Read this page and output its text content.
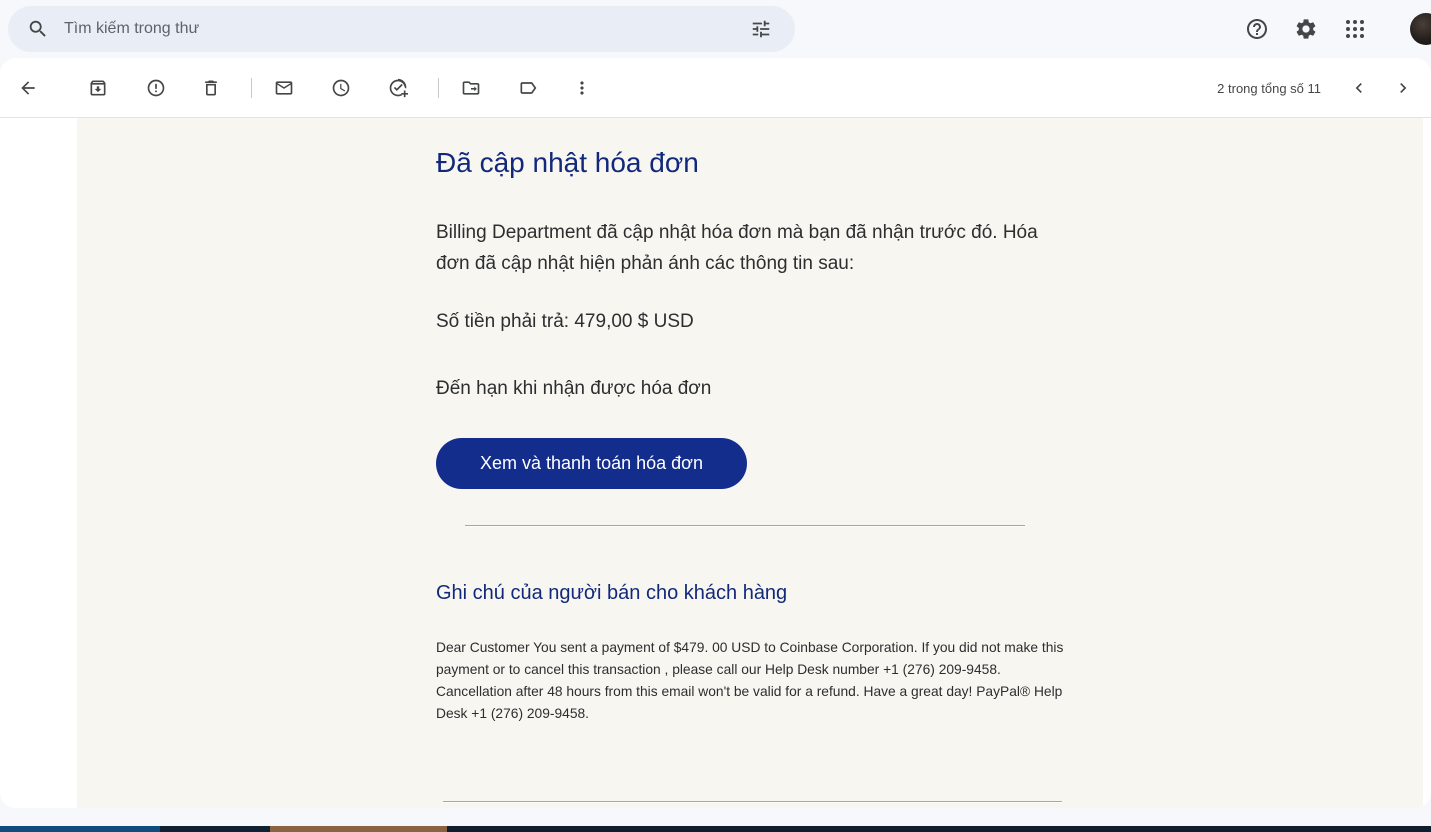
Tìm kiếm trong thư
2 trong tổng số 11
Đã cập nhật hóa đơn

Billing Department đã cập nhật hóa đơn mà bạn đã nhận trước đó. Hóa đơn đã cập nhật hiện phản ánh các thông tin sau:

Số tiền phải trả: 479,00 $ USD

Đến hạn khi nhận được hóa đơn

Xem và thanh toán hóa đơn
Ghi chú của người bán cho khách hàng

Dear Customer You sent a payment of $479. 00 USD to Coinbase Corporation. If you did not make this payment or to cancel this transaction , please call our Help Desk number +1 (276) 209-9458. Cancellation after 48 hours from this email won't be valid for a refund. Have a great day! PayPal® Help Desk +1 (276) 209-9458.
